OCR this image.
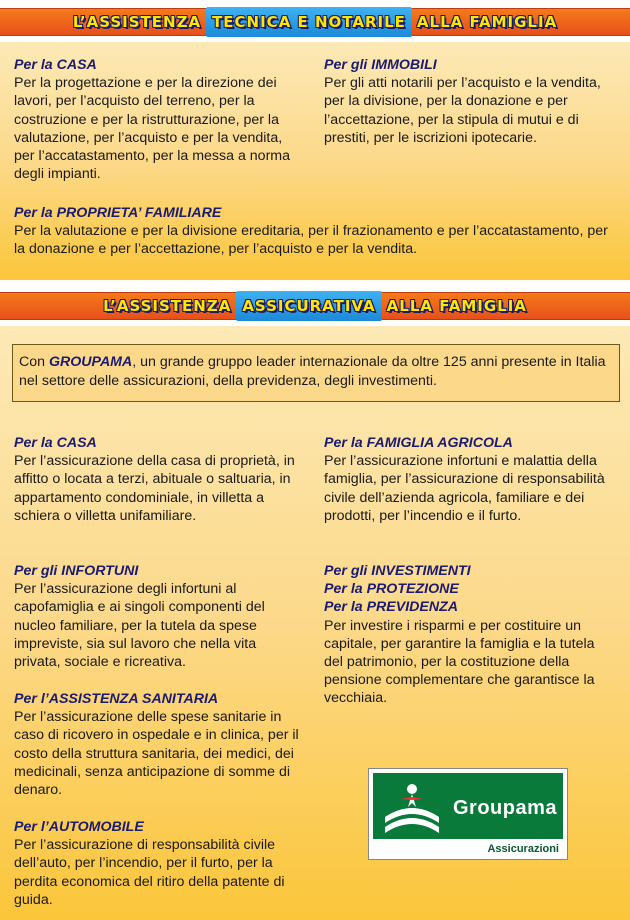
L’ASSISTENZA TECNICA E NOTARILE ALLA FAMIGLIA
Per la CASA
Per la progettazione e per la direzione dei lavori, per l’acquisto del terreno, per la costruzione e per la ristrutturazione, per la valutazione, per l’acquisto e per la vendita, per l’accatastamento, per la messa a norma degli impianti.
Per gli IMMOBILI
Per gli atti notarili per l’acquisto e la vendita, per la divisione, per la donazione e per l’accettazione, per la stipula di mutui e di prestiti, per le iscrizioni ipotecarie.
Per la PROPRIETA’ FAMILIARE
Per la valutazione e per la divisione ereditaria, per il frazionamento e per l’accatastamento, per la donazione e per l’accettazione, per l’acquisto e per la vendita.
L’ASSISTENZA ASSICURATIVA ALLA FAMIGLIA
Con GROUPAMA, un grande gruppo leader internazionale da oltre 125 anni presente in Italia nel settore delle assicurazioni, della previdenza, degli investimenti.
Per la CASA
Per l’assicurazione della casa di proprietà, in affitto o locata a terzi, abituale o saltuaria, in appartamento condominiale, in villetta a schiera o villetta unifamiliare.
Per gli INFORTUNI
Per l’assicurazione degli infortuni al capofamiglia e ai singoli componenti del nucleo familiare, per la tutela da spese impreviste, sia sul lavoro che nella vita privata, sociale e ricreativa.
Per l’ASSISTENZA SANITARIA
Per l’assicurazione delle spese sanitarie in caso di ricovero in ospedale e in clinica, per il costo della struttura sanitaria, dei medici, dei medicinali, senza anticipazione di somme di denaro.
Per l’AUTOMOBILE
Per l’assicurazione di responsabilità civile dell’auto, per l’incendio, per il furto, per la perdita economica del ritiro della patente di guida.
Per la FAMIGLIA AGRICOLA
Per l’assicurazione infortuni e malattia della famiglia, per l’assicurazione di responsabilità civile dell’azienda agricola, familiare e dei prodotti, per l’incendio e il furto.
Per gli INVESTIMENTI
Per la PROTEZIONE
Per la PREVIDENZA
Per investire i risparmi e per costituire un capitale, per garantire la famiglia e la tutela del patrimonio, per la costituzione della pensione complementare che garantisce la vecchiaia.
Groupama
Assicurazioni
